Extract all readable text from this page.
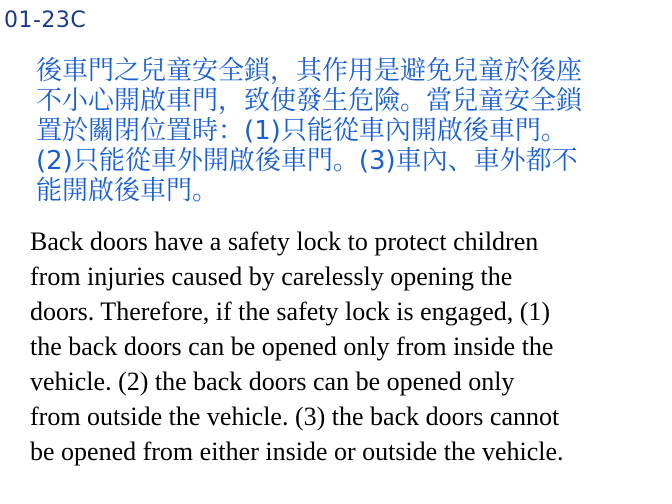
01-23C
後車門之兒童安全鎖，其作用是避免兒童於後座
不小心開啟車門，致使發生危險。當兒童安全鎖
置於關閉位置時：(1)只能從車內開啟後車門。
(2)只能從車外開啟後車門。(3)車內、車外都不
能開啟後車門。
Back doors have a safety lock to protect children
from injuries caused by carelessly opening the
doors. Therefore, if the safety lock is engaged, (1)
the back doors can be opened only from inside the
vehicle. (2) the back doors can be opened only
from outside the vehicle. (3) the back doors cannot
be opened from either inside or outside the vehicle.
